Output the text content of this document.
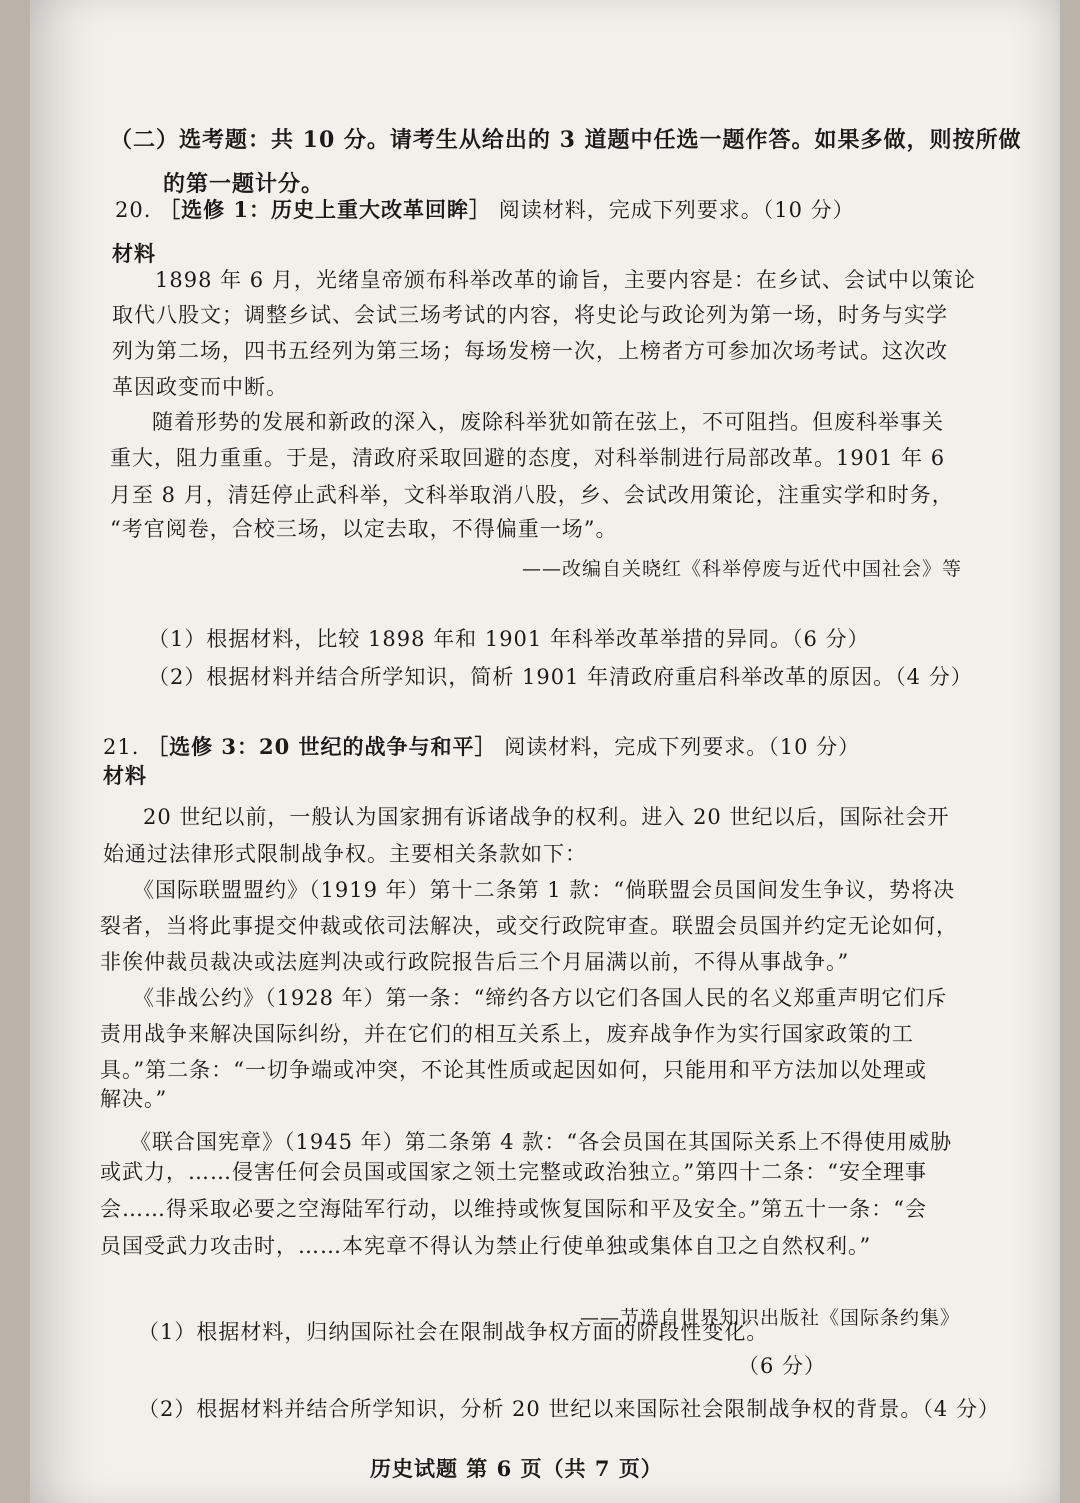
（二）选考题：共 10 分。请考生从给出的 3 道题中任选一题作答。如果多做，则按所做
的第一题计分。
20. ［选修 1：历史上重大改革回眸］ 阅读材料，完成下列要求。（10 分）
材料
1898 年 6 月，光绪皇帝颁布科举改革的谕旨，主要内容是：在乡试、会试中以策论
取代八股文；调整乡试、会试三场考试的内容，将史论与政论列为第一场，时务与实学
列为第二场，四书五经列为第三场；每场发榜一次，上榜者方可参加次场考试。这次改
革因政变而中断。
随着形势的发展和新政的深入，废除科举犹如箭在弦上，不可阻挡。但废科举事关
重大，阻力重重。于是，清政府采取回避的态度，对科举制进行局部改革。1901 年 6
月至 8 月，清廷停止武科举，文科举取消八股，乡、会试改用策论，注重实学和时务，
“考官阅卷，合校三场，以定去取，不得偏重一场”。
——改编自关晓红《科举停废与近代中国社会》等
（1）根据材料，比较 1898 年和 1901 年科举改革举措的异同。（6 分）
（2）根据材料并结合所学知识，简析 1901 年清政府重启科举改革的原因。（4 分）
21. ［选修 3：20 世纪的战争与和平］ 阅读材料，完成下列要求。（10 分）
材料
20 世纪以前，一般认为国家拥有诉诸战争的权利。进入 20 世纪以后，国际社会开
始通过法律形式限制战争权。主要相关条款如下：
《国际联盟盟约》（1919 年）第十二条第 1 款：“倘联盟会员国间发生争议，势将决
裂者，当将此事提交仲裁或依司法解决，或交行政院审查。联盟会员国并约定无论如何，
非俟仲裁员裁决或法庭判决或行政院报告后三个月届满以前，不得从事战争。”
《非战公约》（1928 年）第一条：“缔约各方以它们各国人民的名义郑重声明它们斥
责用战争来解决国际纠纷，并在它们的相互关系上，废弃战争作为实行国家政策的工
具。”第二条：“一切争端或冲突，不论其性质或起因如何，只能用和平方法加以处理或
解决。”
《联合国宪章》（1945 年）第二条第 4 款：“各会员国在其国际关系上不得使用威胁
或武力，……侵害任何会员国或国家之领土完整或政治独立。”第四十二条：“安全理事
会……得采取必要之空海陆军行动，以维持或恢复国际和平及安全。”第五十一条：“会
员国受武力攻击时，……本宪章不得认为禁止行使单独或集体自卫之自然权利。”
——节选自世界知识出版社《国际条约集》
（1）根据材料，归纳国际社会在限制战争权方面的阶段性变化。
（6 分）
（2）根据材料并结合所学知识，分析 20 世纪以来国际社会限制战争权的背景。（4 分）
历史试题 第 6 页（共 7 页）
